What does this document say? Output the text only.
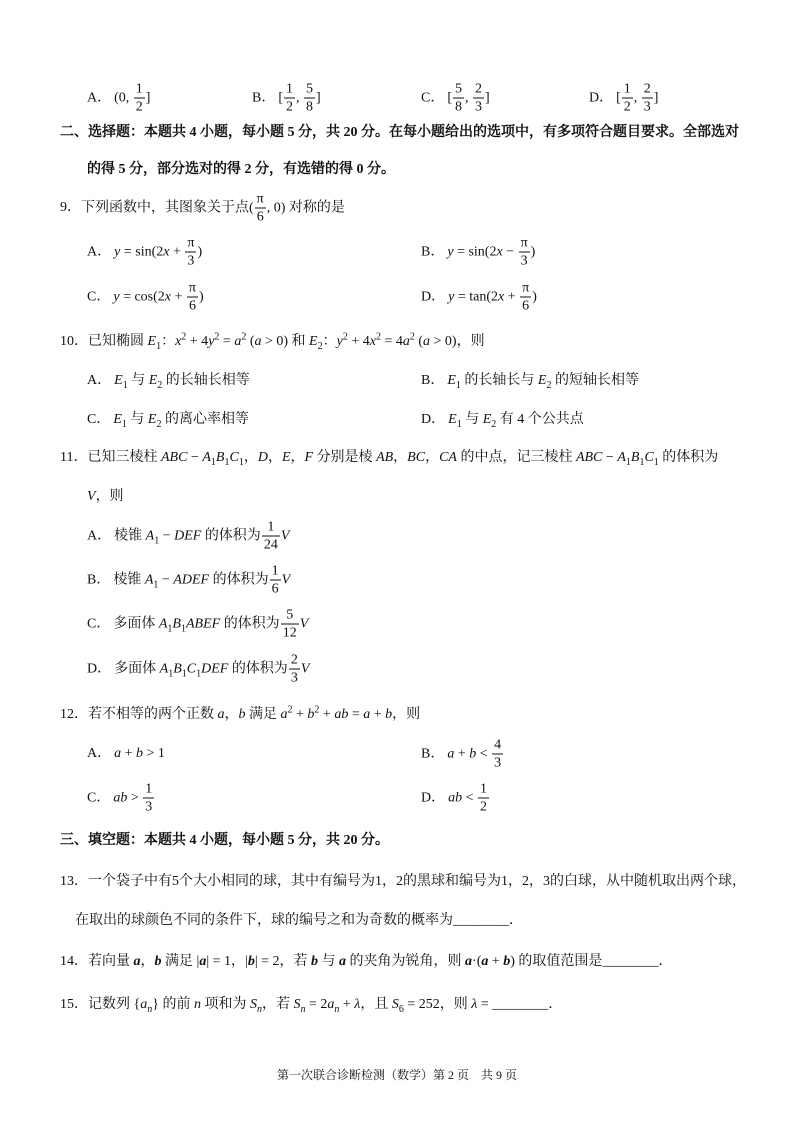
A． (0, $\frac{1}{2}$ ]	B． [ $\frac{1}{2}$ , $\frac{5}{8}$ ]	C． [ $\frac{5}{8}$ , $\frac{2}{3}$ ]	D． [ $\frac{1}{2}$ , $\frac{2}{3}$ ]
二、选择题：本题共 4 小题，每小题 5 分，共 20 分。在每小题给出的选项中，有多项符合题目要求。全部选对
的得 5 分，部分选对的得 2 分，有选错的得 0 分。
9．下列函数中，其图象关于点( $\frac{\pi}{6}$ , 0) 对称的是
A． $y = \sin(2x + \frac{\pi}{3}$ )	B． $y = \sin(2x - \frac{\pi}{3}$ )
C． $y = \cos(2x + \frac{\pi}{6}$ )	D． $y = \tan(2x + \frac{\pi}{6}$ )
10．已知椭圆 $E_1$：$x^2 + 4y^2 = a^2$ (a > 0) 和 $E_2$：$y^2 + 4x^2 = 4a^2$ (a > 0)，则
A． $E_1$ 与 $E_2$ 的长轴长相等	B． $E_1$ 的长轴长与 $E_2$ 的短轴长相等
C． $E_1$ 与 $E_2$ 的离心率相等	D． $E_1$ 与 $E_2$ 有 4 个公共点
11．已知三棱柱 ABC − $A_1B_1C_1$，D，E，F 分别是棱 AB，BC，CA 的中点，记三棱柱 ABC − $A_1B_1C_1$ 的体积为
V，则
A． 棱锥 $A_1$ − DEF 的体积为 $\frac{1}{24}$ V
B． 棱锥 $A_1$ − ADEF 的体积为 $\frac{1}{6}$ V
C． 多面体 $A_1B_1ABEF$ 的体积为 $\frac{5}{12}$ V
D． 多面体 $A_1B_1C_1DEF$ 的体积为 $\frac{2}{3}$ V
12．若不相等的两个正数 a，b 满足 $a^2 + b^2$ + ab = a + b，则
A． a + b > 1	B． $a + b < \frac{4}{3}$
C． ab > $\frac{1}{3}$	D． ab < $\frac{1}{2}$
三、填空题：本题共 4 小题，每小题 5 分，共 20 分。
13．一个袋子中有5个大小相同的球，其中有编号为1，2的黑球和编号为1，2，3的白球，从中随机取出两个球，
在取出的球颜色不同的条件下，球的编号之和为奇数的概率为________．
14．若向量 a，b 满足 |a| = 1，|b| = 2，若 b 与 a 的夹角为锐角，则 a·(a + b) 的取值范围是________．
15．记数列 $\{a_n\}$ 的前 n 项和为 $S_n$，若 $S_n = 2a_n + \lambda$，且 $S_6 = 252$，则 λ = ________．
第一次联合诊断检测（数学）第 2 页　共 9 页
